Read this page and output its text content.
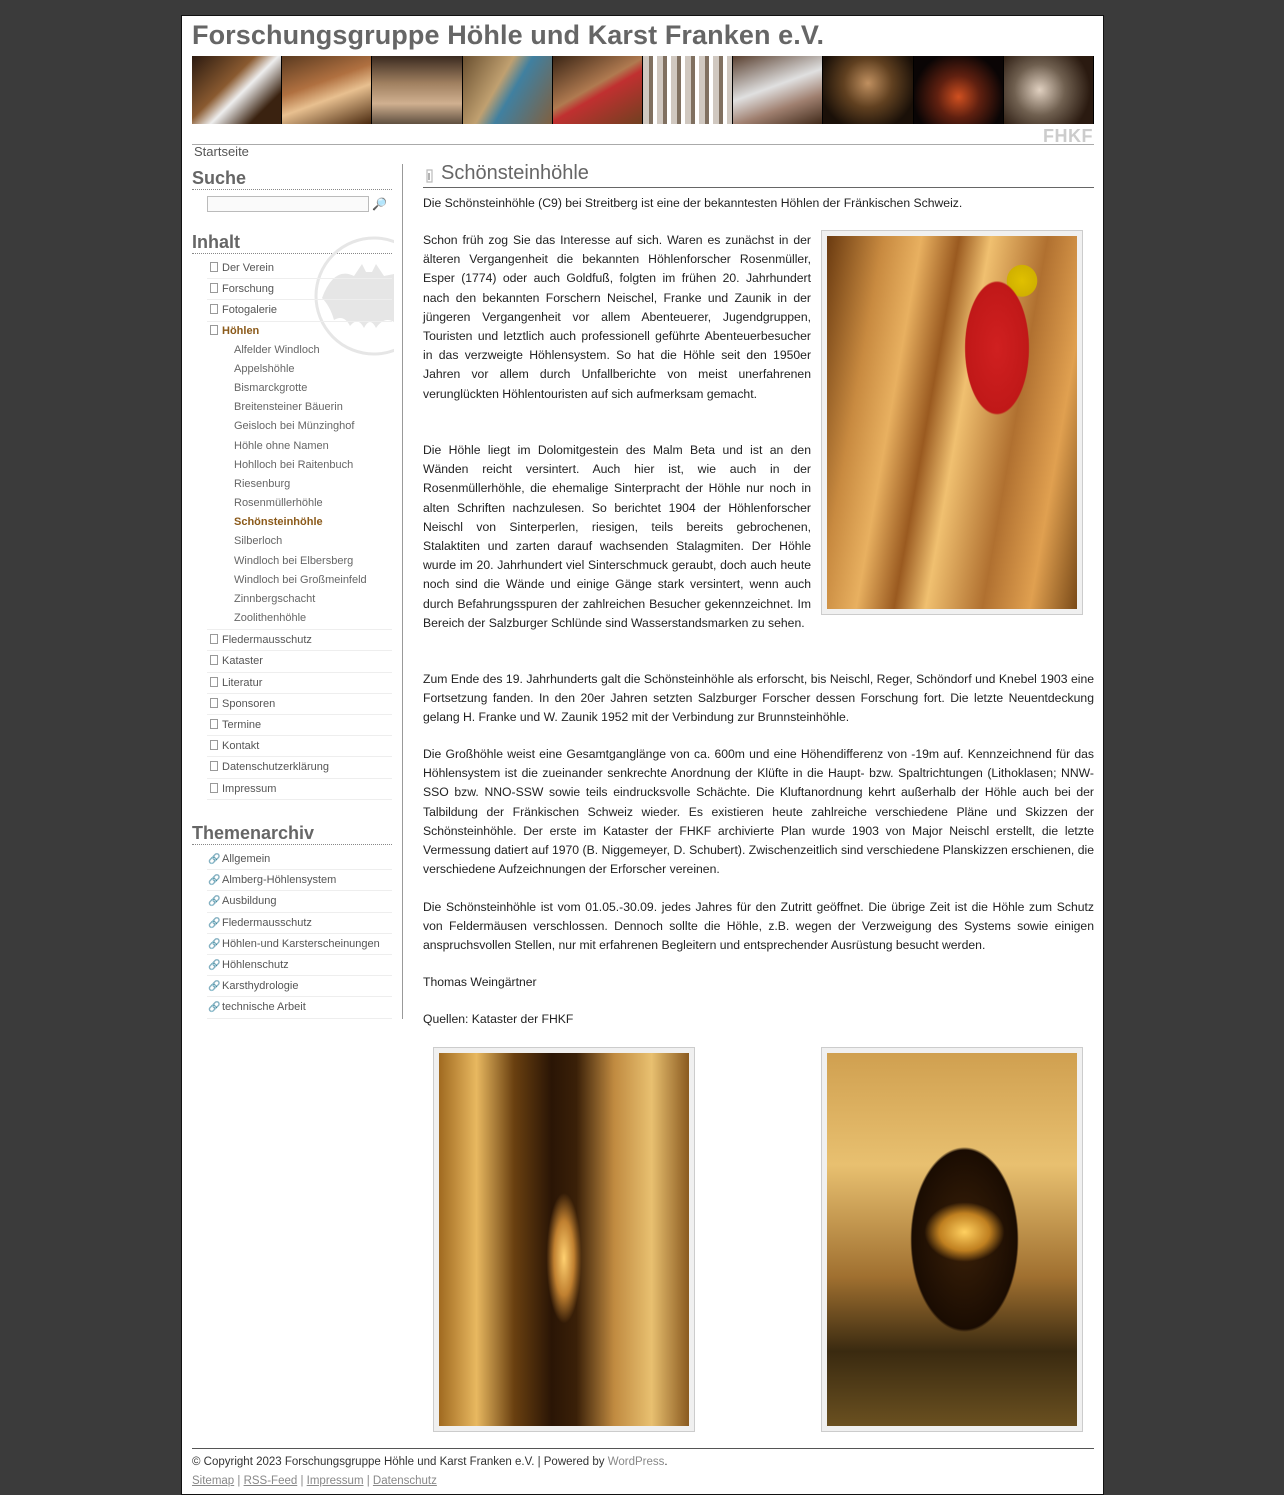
Forschungsgruppe Höhle und Karst Franken e.V.
FHKF
Startseite
Suche
🔎
Inhalt
Der Verein
Forschung
Fotogalerie
Höhlen
Alfelder Windloch
Appelshöhle
Bismarckgrotte
Breitensteiner Bäuerin
Geisloch bei Münzinghof
Höhle ohne Namen
Hohlloch bei Raitenbuch
Riesenburg
Rosenmüllerhöhle
Schönsteinhöhle
Silberloch
Windloch bei Elbersberg
Windloch bei Großmeinfeld
Zinnbergschacht
Zoolithenhöhle
Fledermausschutz
Kataster
Literatur
Sponsoren
Termine
Kontakt
Datenschutzerklärung
Impressum
Themenarchiv
🔗 Allgemein
🔗 Almberg-Höhlensystem
🔗 Ausbildung
🔗 Fledermausschutz
🔗 Höhlen-und Karsterscheinungen
🔗 Höhlenschutz
🔗 Karsthydrologie
🔗 technische Arbeit
Schönsteinhöhle

Die Schönsteinhöhle (C9) bei Streitberg ist eine der bekanntesten Höhlen der Fränkischen Schweiz.

Schon früh zog Sie das Interesse auf sich. Waren es zunächst in der älteren Vergangenheit die bekannten Höhlenforscher Rosenmüller, Esper (1774) oder auch Goldfuß, folgten im frühen 20. Jahrhundert nach den bekannten Forschern Neischel, Franke und Zaunik in der jüngeren Vergangenheit vor allem Abenteuerer, Jugendgruppen, Touristen und letztlich auch professionell geführte Abenteuerbesucher in das verzweigte Höhlensystem. So hat die Höhle seit den 1950er Jahren vor allem durch Unfallberichte von meist unerfahrenen verunglückten Höhlentouristen auf sich aufmerksam gemacht.

Die Höhle liegt im Dolomitgestein des Malm Beta und ist an den Wänden reicht versintert. Auch hier ist, wie auch in der Rosenmüllerhöhle, die ehemalige Sinterpracht der Höhle nur noch in alten Schriften nachzulesen. So berichtet 1904 der Höhlenforscher Neischl von Sinterperlen, riesigen, teils bereits gebrochenen, Stalaktiten und zarten darauf wachsenden Stalagmiten. Der Höhle wurde im 20. Jahrhundert viel Sinterschmuck geraubt, doch auch heute noch sind die Wände und einige Gänge stark versintert, wenn auch durch Befahrungsspuren der zahlreichen Besucher gekennzeichnet. Im Bereich der Salzburger Schlünde sind Wasserstandsmarken zu sehen.

Zum Ende des 19. Jahrhunderts galt die Schönsteinhöhle als erforscht, bis Neischl, Reger, Schöndorf und Knebel 1903 eine Fortsetzung fanden. In den 20er Jahren setzten Salzburger Forscher dessen Forschung fort. Die letzte Neuentdeckung gelang H. Franke und W. Zaunik 1952 mit der Verbindung zur Brunnsteinhöhle.

Die Großhöhle weist eine Gesamtganglänge von ca. 600m und eine Höhendifferenz von -19m auf. Kennzeichnend für das Höhlensystem ist die zueinander senkrechte Anordnung der Klüfte in die Haupt- bzw. Spaltrichtungen (Lithoklasen; NNW-SSO bzw. NNO-SSW sowie teils eindrucksvolle Schächte. Die Kluftanordnung kehrt außerhalb der Höhle auch bei der Talbildung der Fränkischen Schweiz wieder. Es existieren heute zahlreiche verschiedene Pläne und Skizzen der Schönsteinhöhle. Der erste im Kataster der FHKF archivierte Plan wurde 1903 von Major Neischl erstellt, die letzte Vermessung datiert auf 1970 (B. Niggemeyer, D. Schubert). Zwischenzeitlich sind verschiedene Planskizzen erschienen, die verschiedene Aufzeichnungen der Erforscher vereinen.

Die Schönsteinhöhle ist vom 01.05.-30.09. jedes Jahres für den Zutritt geöffnet. Die übrige Zeit ist die Höhle zum Schutz von Feldermäusen verschlossen. Dennoch sollte die Höhle, z.B. wegen der Verzweigung des Systems sowie einigen anspruchsvollen Stellen, nur mit erfahrenen Begleitern und entsprechender Ausrüstung besucht werden.

Thomas Weingärtner

Quellen: Kataster der FHKF

© Copyright 2023 Forschungsgruppe Höhle und Karst Franken e.V. | Powered by WordPress.
Sitemap | RSS-Feed | Impressum | Datenschutz
